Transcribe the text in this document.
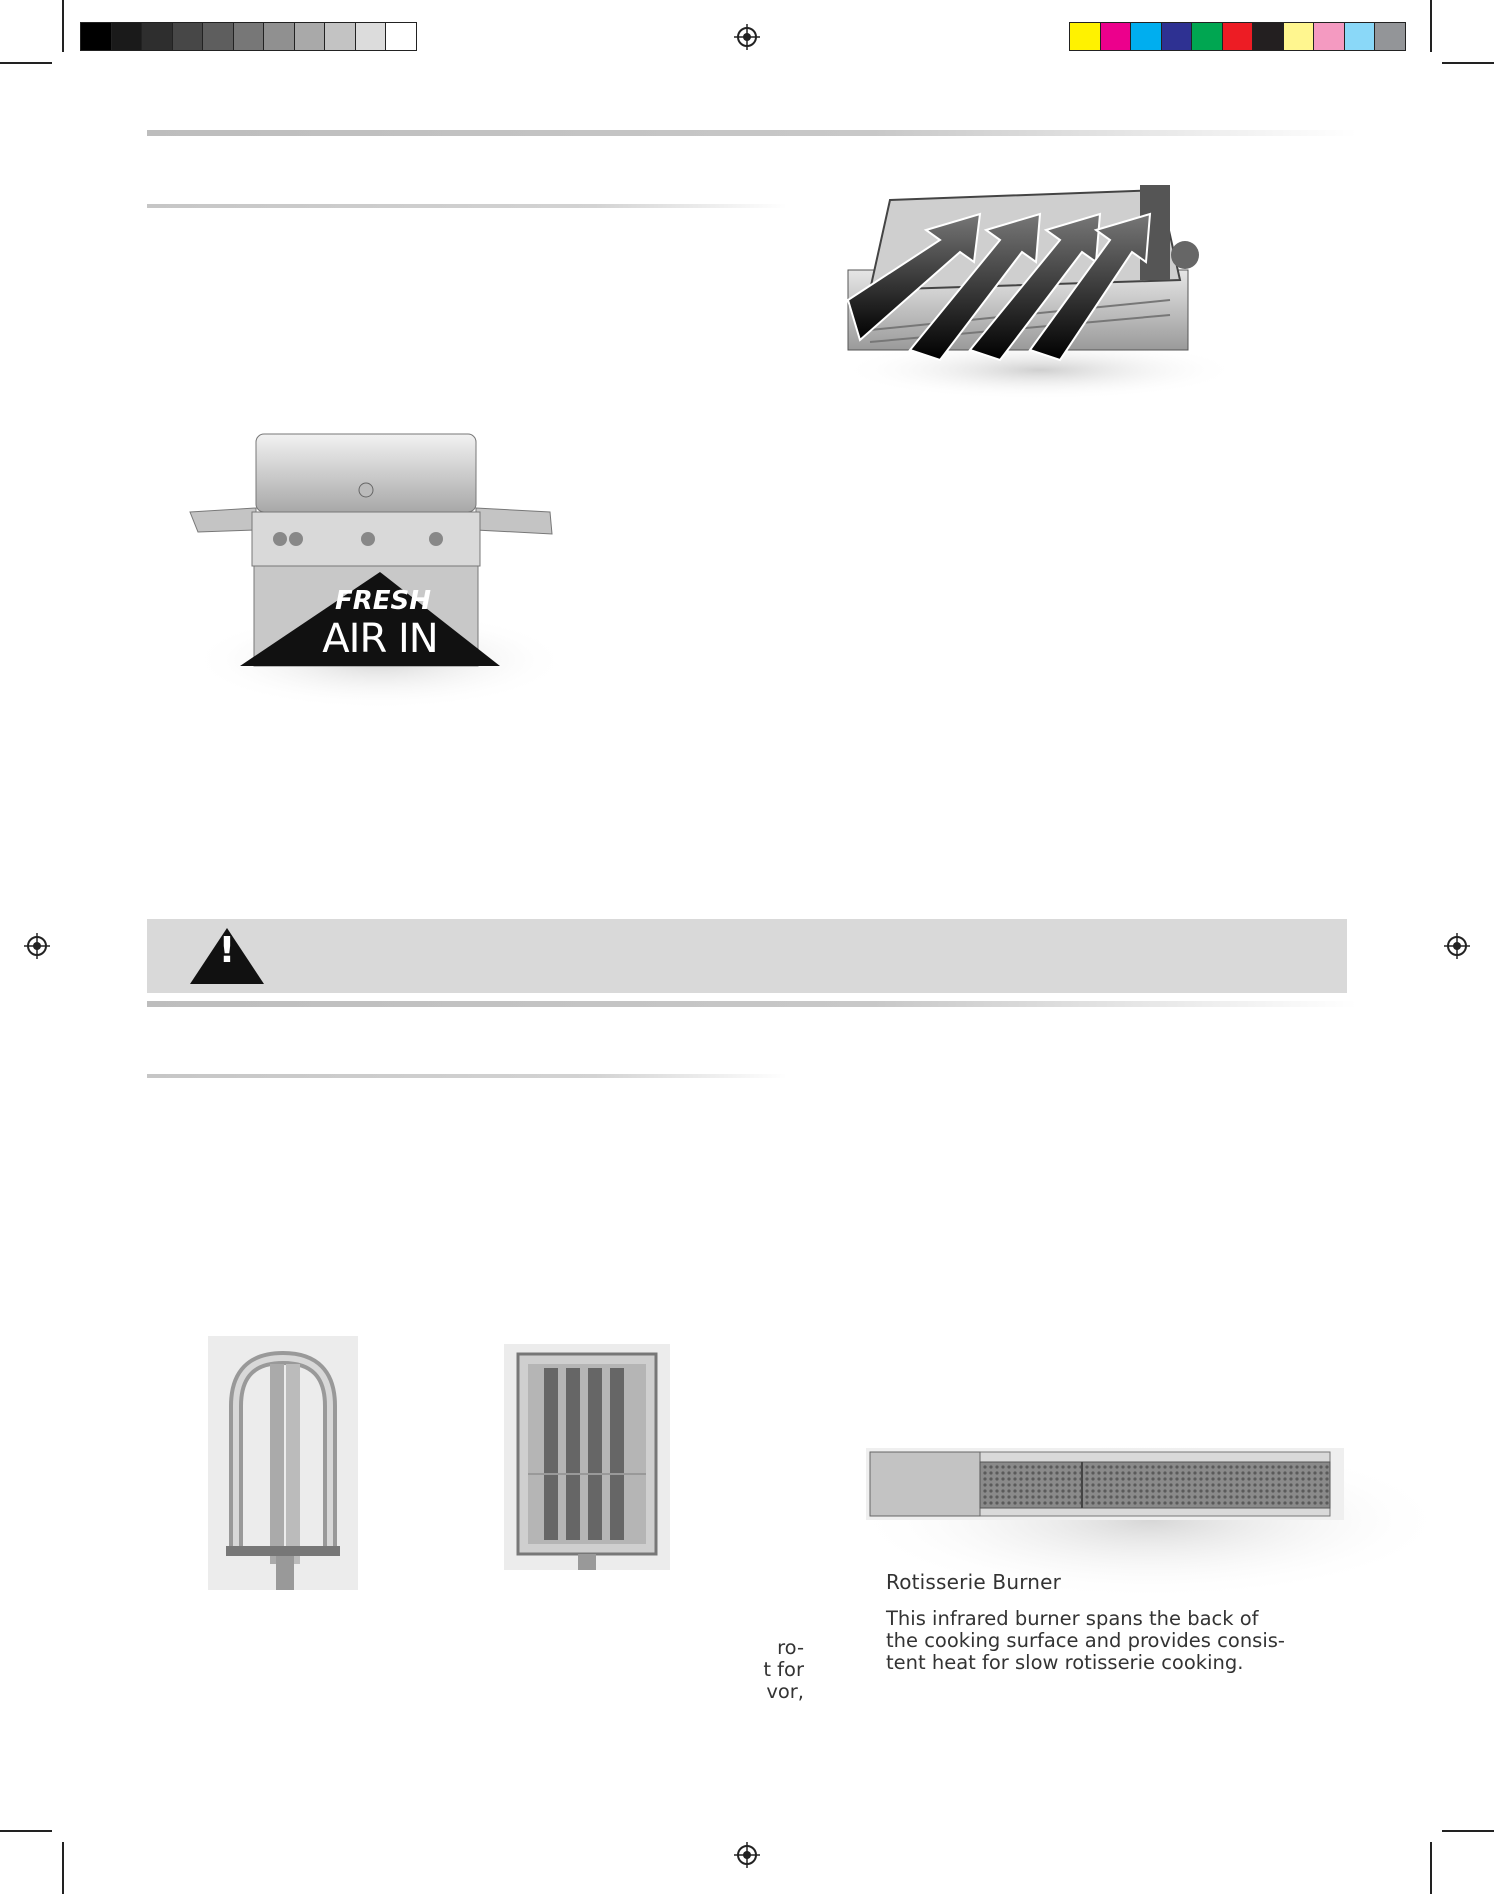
FRESH
AIR IN
!
Rotisserie Burner
This infrared burner spans the back of
the cooking surface and provides consis-
tent heat for slow rotisserie cooking.
ro-
t for
vor,
